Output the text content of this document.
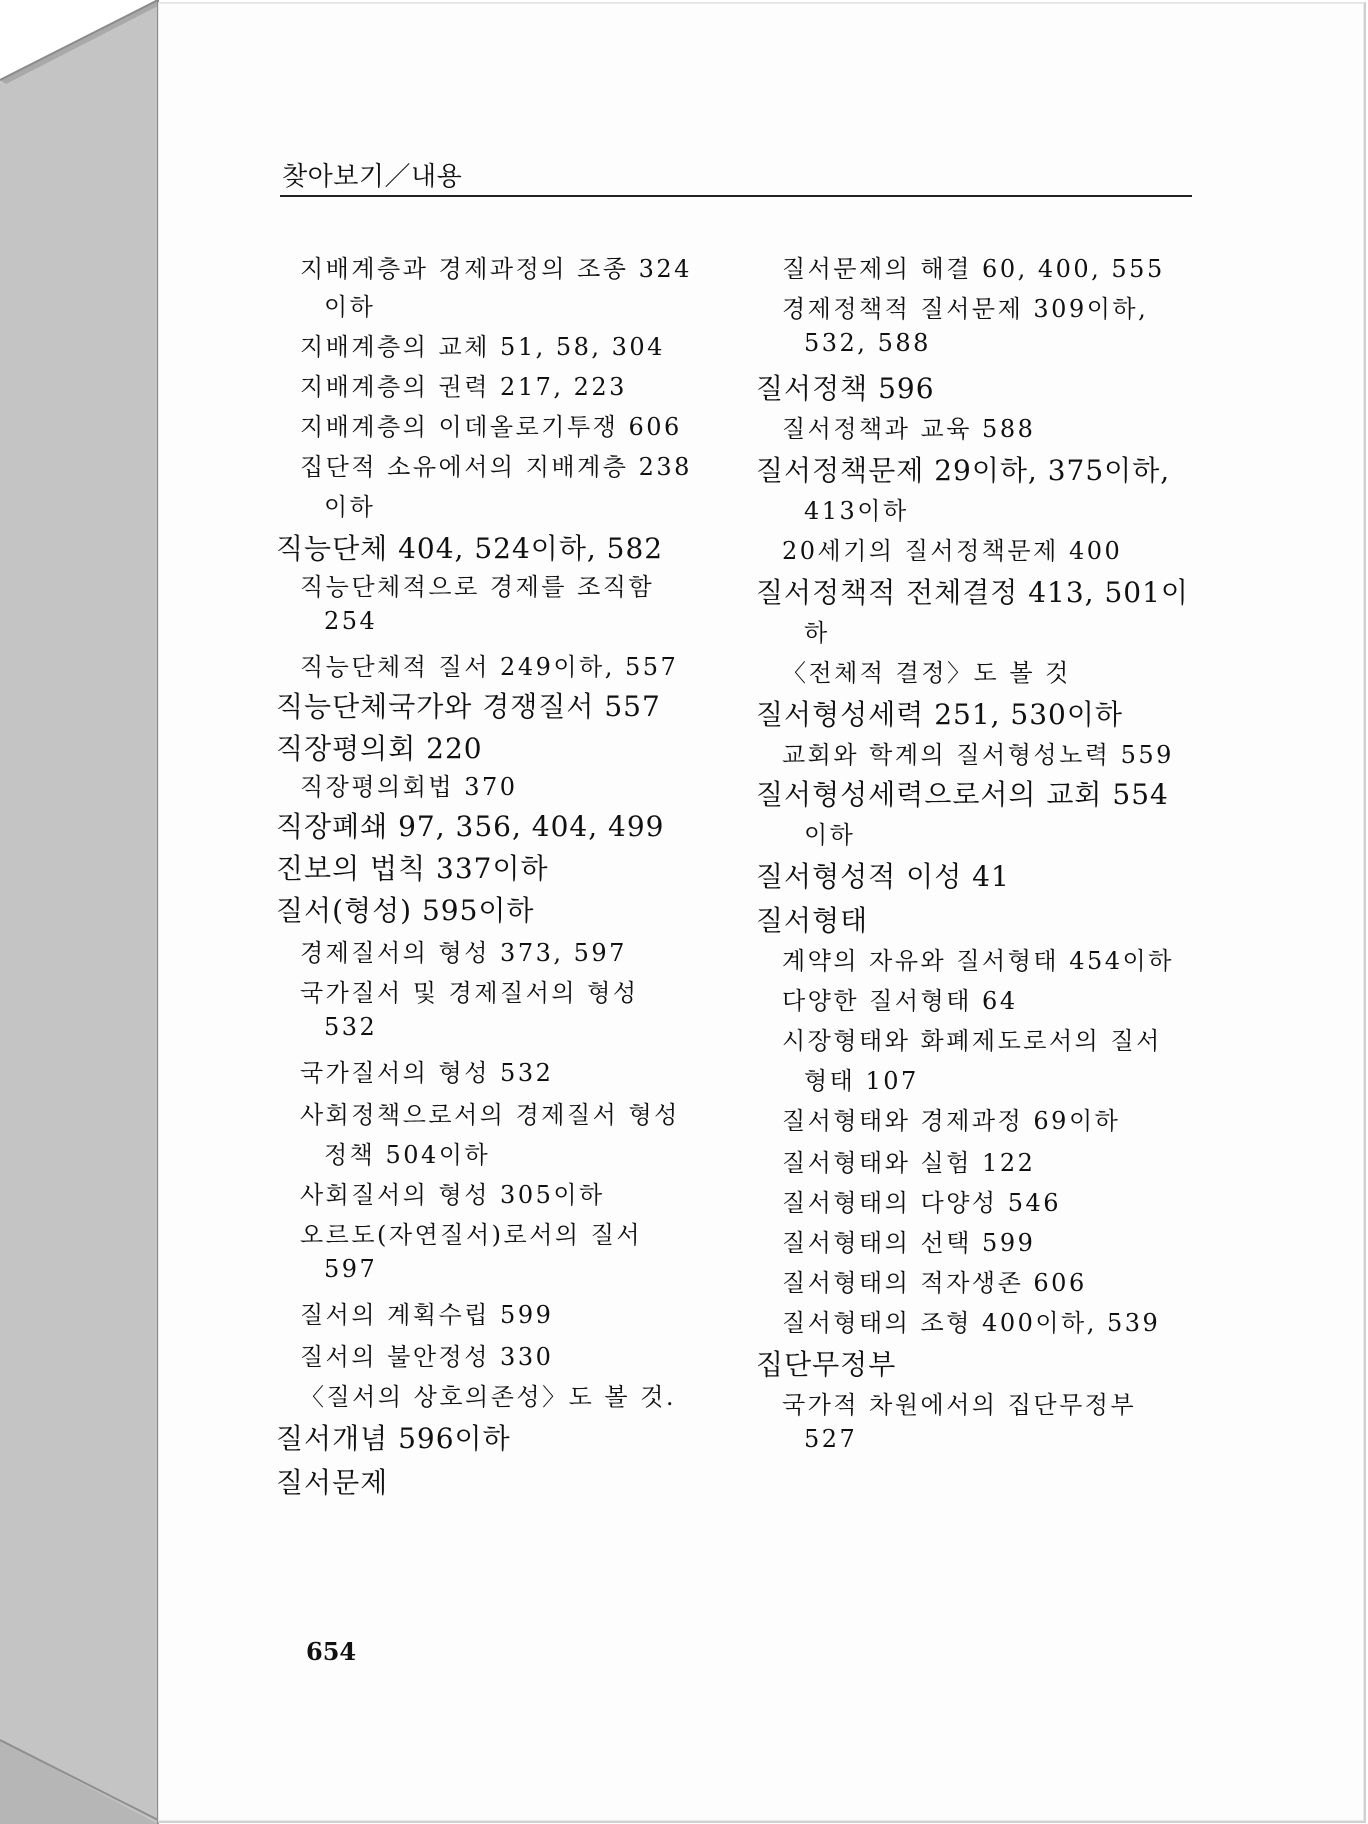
찾아보기／내용
지배계층과 경제과정의 조종 324
이하
지배계층의 교체 51, 58, 304
지배계층의 권력 217, 223
지배계층의 이데올로기투쟁 606
집단적 소유에서의 지배계층 238
이하
직능단체 404, 524이하, 582
직능단체적으로 경제를 조직함
254
직능단체적 질서 249이하, 557
직능단체국가와 경쟁질서 557
직장평의회 220
직장평의회법 370
직장폐쇄 97, 356, 404, 499
진보의 법칙 337이하
질서(형성) 595이하
경제질서의 형성 373, 597
국가질서 및 경제질서의 형성
532
국가질서의 형성 532
사회정책으로서의 경제질서 형성
정책 504이하
사회질서의 형성 305이하
오르도(자연질서)로서의 질서
597
질서의 계획수립 599
질서의 불안정성 330
〈질서의 상호의존성〉도 볼 것.
질서개념 596이하
질서문제
질서문제의 해결 60, 400, 555
경제정책적 질서문제 309이하,
532, 588
질서정책 596
질서정책과 교육 588
질서정책문제 29이하, 375이하,
413이하
20세기의 질서정책문제 400
질서정책적 전체결정 413, 501이
하
〈전체적 결정〉도 볼 것
질서형성세력 251, 530이하
교회와 학계의 질서형성노력 559
질서형성세력으로서의 교회 554
이하
질서형성적 이성 41
질서형태
계약의 자유와 질서형태 454이하
다양한 질서형태 64
시장형태와 화폐제도로서의 질서
형태 107
질서형태와 경제과정 69이하
질서형태와 실험 122
질서형태의 다양성 546
질서형태의 선택 599
질서형태의 적자생존 606
질서형태의 조형 400이하, 539
집단무정부
국가적 차원에서의 집단무정부
527
654
